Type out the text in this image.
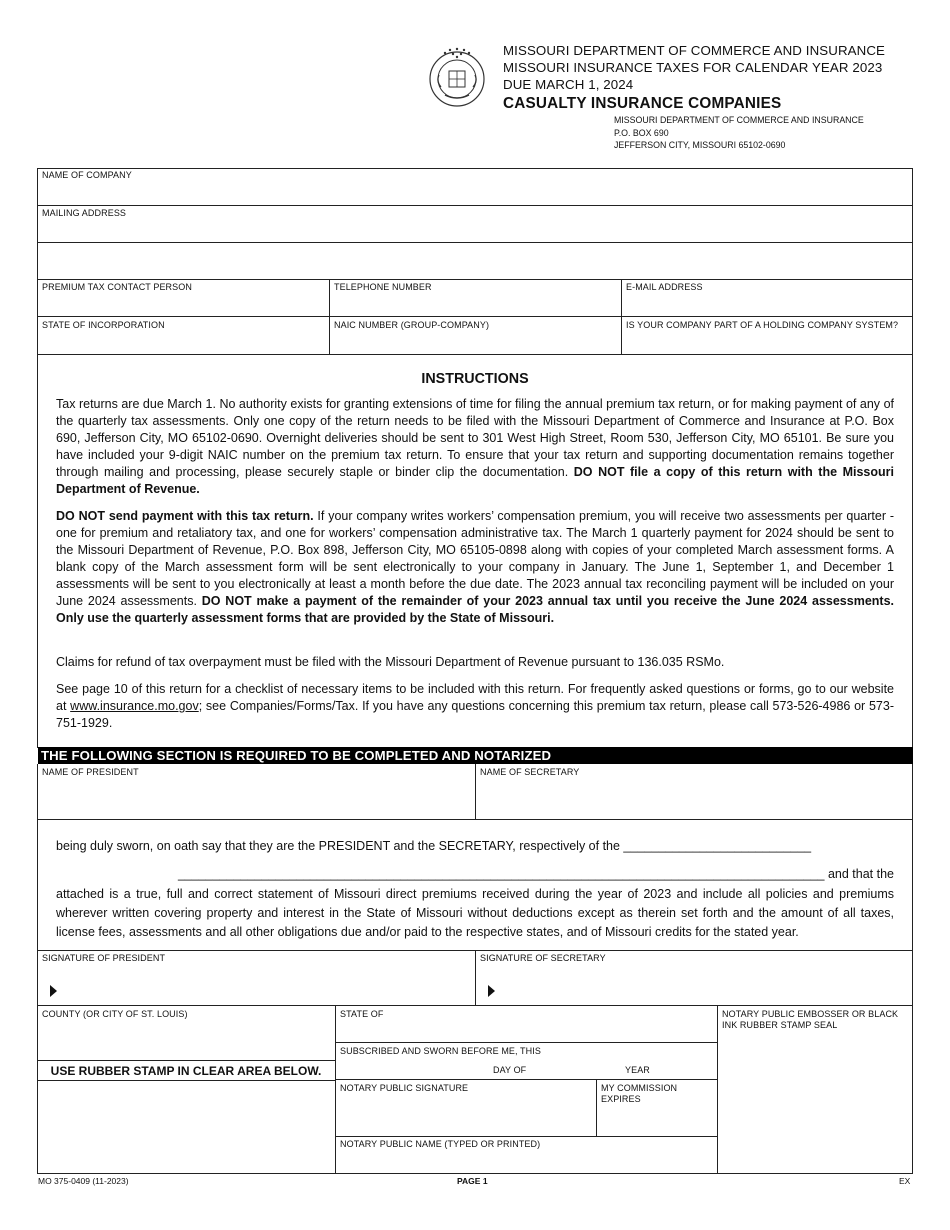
MISSOURI DEPARTMENT OF COMMERCE AND INSURANCE
MISSOURI INSURANCE TAXES FOR CALENDAR YEAR 2023
DUE MARCH 1, 2024
CASUALTY INSURANCE COMPANIES
MISSOURI DEPARTMENT OF COMMERCE AND INSURANCE
P.O. BOX 690
JEFFERSON CITY, MISSOURI 65102-0690
NAME OF COMPANY
MAILING ADDRESS
PREMIUM TAX CONTACT PERSON	TELEPHONE NUMBER	E-MAIL ADDRESS
STATE OF INCORPORATION	NAIC NUMBER (GROUP-COMPANY)	IS YOUR COMPANY PART OF A HOLDING COMPANY SYSTEM?
INSTRUCTIONS
Tax returns are due March 1. No authority exists for granting extensions of time for filing the annual premium tax return, or for making payment of any of the quarterly tax assessments. Only one copy of the return needs to be filed with the Missouri Department of Commerce and Insurance at P.O. Box 690, Jefferson City, MO 65102-0690. Overnight deliveries should be sent to 301 West High Street, Room 530, Jefferson City, MO 65101. Be sure you have included your 9-digit NAIC number on the premium tax return. To ensure that your tax return and supporting documentation remains together through mailing and processing, please securely staple or binder clip the documentation. DO NOT file a copy of this return with the Missouri Department of Revenue.
DO NOT send payment with this tax return. If your company writes workers’ compensation premium, you will receive two assessments per quarter - one for premium and retaliatory tax, and one for workers’ compensation administrative tax. The March 1 quarterly payment for 2024 should be sent to the Missouri Department of Revenue, P.O. Box 898, Jefferson City, MO 65105-0898 along with copies of your completed March assessment forms. A blank copy of the March assessment form will be sent electronically to your company in January. The June 1, September 1, and December 1 assessments will be sent to you electronically at least a month before the due date. The 2023 annual tax reconciling payment will be included on your June 2024 assessments. DO NOT make a payment of the remainder of your 2023 annual tax until you receive the June 2024 assessments. Only use the quarterly assessment forms that are provided by the State of Missouri.
Claims for refund of tax overpayment must be filed with the Missouri Department of Revenue pursuant to 136.035 RSMo.
See page 10 of this return for a checklist of necessary items to be included with this return. For frequently asked questions or forms, go to our website at www.insurance.mo.gov; see Companies/Forms/Tax. If you have any questions concerning this premium tax return, please call 573-526-4986 or 573-751-1929.
THE FOLLOWING SECTION IS REQUIRED TO BE COMPLETED AND NOTARIZED
NAME OF PRESIDENT	NAME OF SECRETARY
being duly sworn, on oath say that they are the PRESIDENT and the SECRETARY, respectively of the ___________________________
_____________________________________________________________________________________________ and that the
attached is a true, full and correct statement of Missouri direct premiums received during the year of 2023 and include all policies and premiums wherever written covering property and interest in the State of Missouri without deductions except as therein set forth and the amount of all taxes, license fees, assessments and all other obligations due and/or paid to the respective states, and of Missouri credits for the stated year.
SIGNATURE OF PRESIDENT	SIGNATURE OF SECRETARY
COUNTY (OR CITY OF ST. LOUIS)
USE RUBBER STAMP IN CLEAR AREA BELOW.
STATE OF
SUBSCRIBED AND SWORN BEFORE ME, THIS
DAY OF	YEAR
NOTARY PUBLIC SIGNATURE	MY COMMISSION EXPIRES
NOTARY PUBLIC NAME (TYPED OR PRINTED)
NOTARY PUBLIC EMBOSSER OR BLACK INK RUBBER STAMP SEAL
MO 375-0409 (11-2023)	PAGE 1	EX
